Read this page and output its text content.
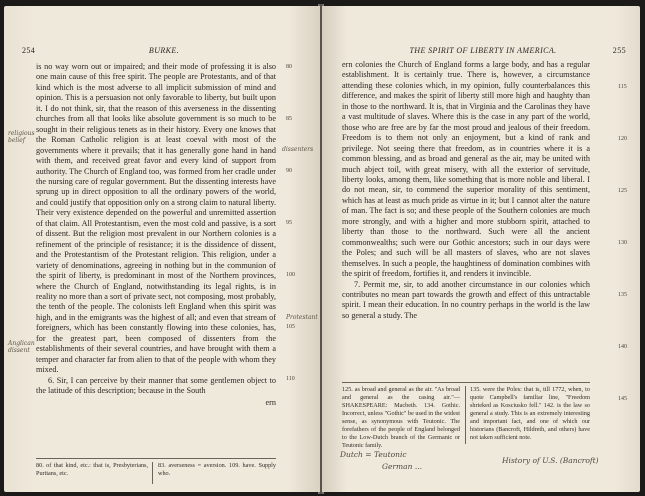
254	BURKE.

is no way worn out or impaired; and their mode of professing it is also one main cause of this free spirit. The people are Protestants, and of that kind which is the most adverse to all implicit submission of mind and opinion. This is a persuasion not only favorable to liberty, but built upon it. I do not think, sir, that the reason of this averseness in the dissenting churches from all that looks like absolute government is so much to be sought in their religious tenets as in their history. Every one knows that the Roman Catholic religion is at least coeval with most of the governments where it prevails; that it has generally gone hand in hand with them, and received great favor and every kind of support from authority. The Church of England too, was formed from her cradle under the nursing care of regular government. But the dissenting interests have sprung up in direct opposition to all the ordinary powers of the world, and could justify that opposition only on a strong claim to natural liberty. Their very existence depended on the powerful and unremitted assertion of that claim. All Protestantism, even the most cold and passive, is a sort of dissent. But the religion most prevalent in our Northern colonies is a refinement of the principle of resistance; it is the dissidence of dissent, and the Protestantism of the Protestant religion. This religion, under a variety of denominations, agreeing in nothing but in the communion of the spirit of liberty, is predominant in most of the Northern provinces, where the Church of England, notwithstanding its legal rights, is in reality no more than a sort of private sect, not composing, most probably, the tenth of the people. The colonists left England when this spirit was high, and in the emigrants was the highest of all; and even that stream of foreigners, which has been constantly flowing into these colonies, has, for the greatest part, been composed of dissenters from the establishments of their several countries, and have brought with them a temper and character far from alien to that of the people with whom they mixed.

6. Sir, I can perceive by their manner that some gentlemen object to the latitude of this description; because in the South

ern

80
85
90
95
100
105
110
80. of that kind, etc.: that is, Presbyterians, Puritans, etc.
83. averseness = aversion. 109. have. Supply who.
religious belief
dissenters
Anglican dissent
Protestant
THE SPIRIT OF LIBERTY IN AMERICA.	255

ern colonies the Church of England forms a large body, and has a regular establishment. It is certainly true. There is, however, a circumstance attending these colonies which, in my opinion, fully counterbalances this difference, and makes the spirit of liberty still more high and haughty than in those to the northward. It is, that in Virginia and the Carolinas they have a vast multitude of slaves. Where this is the case in any part of the world, those who are free are by far the most proud and jealous of their freedom. Freedom is to them not only an enjoyment, but a kind of rank and privilege. Not seeing there that freedom, as in countries where it is a common blessing, and as broad and general as the air, may be united with much abject toil, with great misery, with all the exterior of servitude, liberty looks, among them, like something that is more noble and liberal. I do not mean, sir, to commend the superior morality of this sentiment, which has at least as much pride as virtue in it; but I cannot alter the nature of man. The fact is so; and these people of the Southern colonies are much more strongly, and with a higher and more stubborn spirit, attached to liberty than those to the northward. Such were all the ancient commonwealths; such were our Gothic ancestors; such in our days were the Poles; and such will be all masters of slaves, who are not slaves themselves. In such a people, the haughtiness of domination combines with the spirit of freedom, fortifies it, and renders it invincible.

7. Permit me, sir, to add another circumstance in our colonies which contributes no mean part towards the growth and effect of this untractable spirit. I mean their education. In no country perhaps in the world is the law so general a study. The

115
120
125
130
135
140
145
125. as broad and general as the air. "As broad and general as the casing air."—SHAKESPEARE: Macbeth. 134. Gothic. Incorrect, unless "Gothic" be used in the widest sense, as synonymous with Teutonic. The forefathers of the people of England belonged to the Low-Dutch branch of the Germanic or Teutonic family.
135. were the Poles: that is, till 1772, when, to quote Campbell's familiar line, "Freedom shrieked as Kosciusko fell." 142. is the law so general a study. This is an extremely interesting and important fact, and one of which our historians (Bancroft, Hildreth, and others) have not taken sufficient note.
Dutch = Teutonic
German ...
History of U.S. (Bancroft)
